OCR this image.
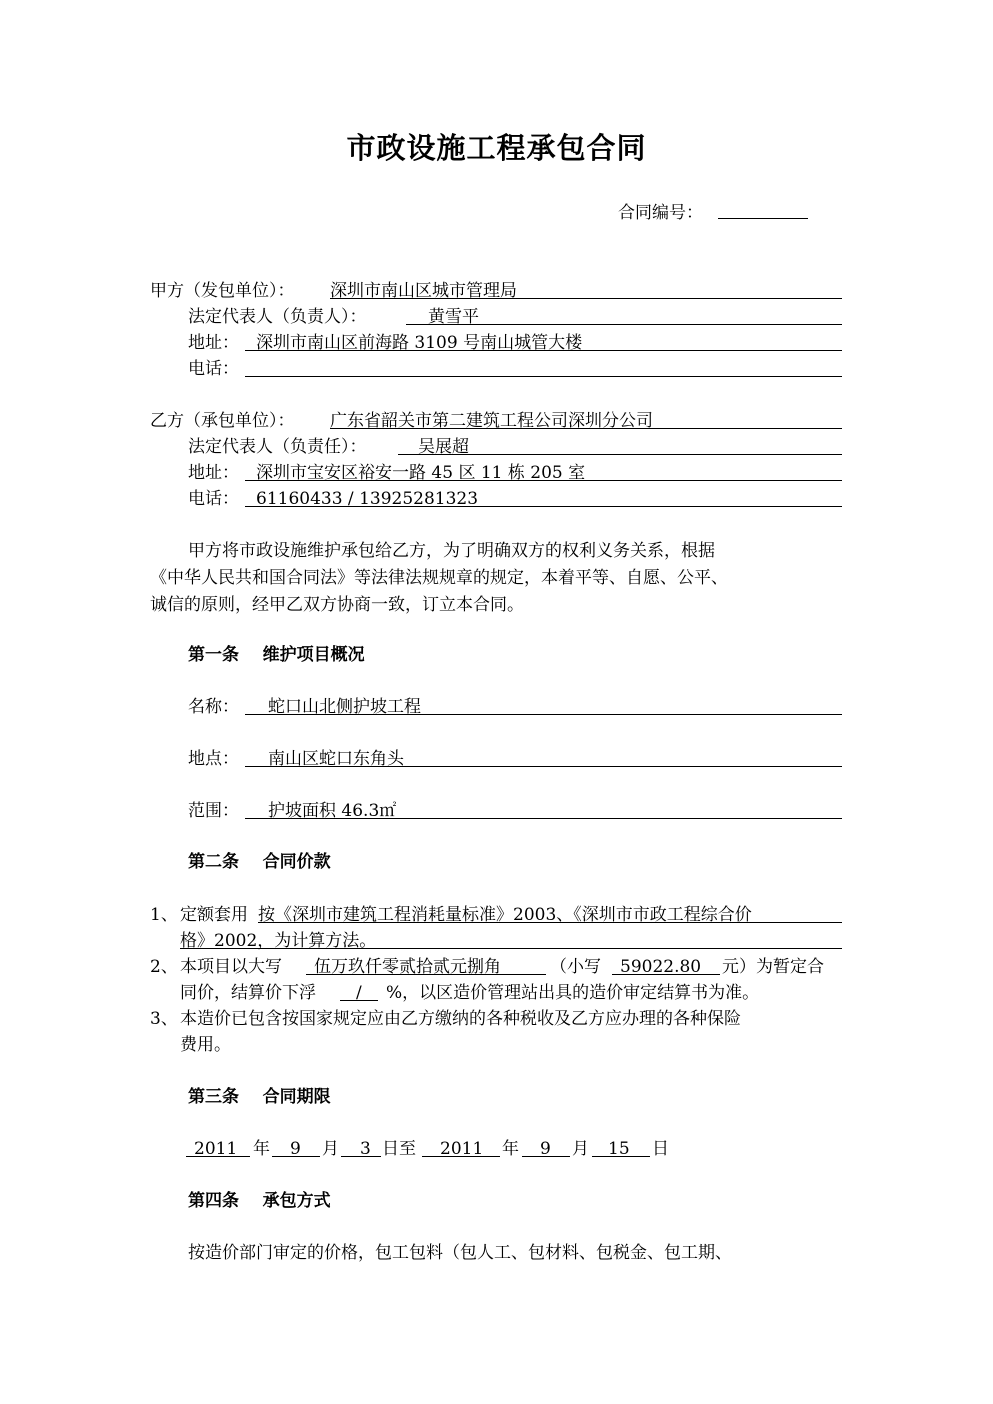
市政设施工程承包合同
合同编号：
甲方（发包单位）： 深圳市南山区城市管理局
法定代表人（负责人）：	黄雪平
地址： 深圳市南山区前海路 3109 号南山城管大楼
电话：
乙方（承包单位）： 广东省韶关市第二建筑工程公司深圳分公司
法定代表人（负责任）：	吴展超
地址： 深圳市宝安区裕安一路 45 区 11 栋 205 室
电话： 61160433 / 13925281323
甲方将市政设施维护承包给乙方，为了明确双方的权利义务关系，根据
《中华人民共和国合同法》等法律法规规章的规定，本着平等、自愿、公平、
诚信的原则，经甲乙双方协商一致，订立本合同。
第一条    维护项目概况
名称： 蛇口山北侧护坡工程
地点： 南山区蛇口东角头
范围： 护坡面积 46.3㎡
第二条    合同价款
1、 定额套用 按《深圳市建筑工程消耗量标准》2003、《深圳市市政工程综合价
格》2002，为计算方法。
2、 本项目以大写 伍万玖仟零贰拾贰元捌角	（小写 59022.80 元）为暂定合
同价，结算价下浮 / %，以区造价管理站出具的造价审定结算书为准。
3、 本造价已包含按国家规定应由乙方缴纳的各种税收及乙方应办理的各种保险
费用。
第三条    合同期限
2011 年 9 月 3 日至 2011 年 9 月 15 日
第四条    承包方式
按造价部门审定的价格，包工包料（包人工、包材料、包税金、包工期、
